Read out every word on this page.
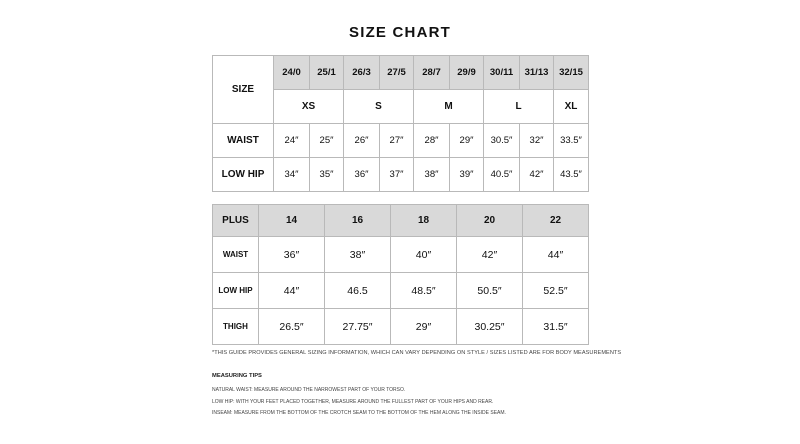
SIZE CHART
SIZE	24/0	25/1	26/3	27/5	28/7	29/9	30/11	31/13	32/15
	XS		S		M		L		XL
WAIST	24″	25″	26″	27″	28″	29″	30.5″	32″	33.5″
LOW HIP	34″	35″	36″	37″	38″	39″	40.5″	42″	43.5″
PLUS	14	16	18	20	22
WAIST	36″	38″	40″	42″	44″
LOW HIP	44″	46.5	48.5″	50.5″	52.5″
THIGH	26.5″	27.75″	29″	30.25″	31.5″
*THIS GUIDE PROVIDES GENERAL SIZING INFORMATION, WHICH CAN VARY DEPENDING ON STYLE / SIZES LISTED ARE FOR BODY MEASUREMENTS
MEASURING TIPS
NATURAL WAIST: MEASURE AROUND THE NARROWEST PART OF YOUR TORSO.
LOW HIP: WITH YOUR FEET PLACED TOGETHER, MEASURE AROUND THE FULLEST PART OF YOUR HIPS AND REAR.
INSEAM: MEASURE FROM THE BOTTOM OF THE CROTCH SEAM TO THE BOTTOM OF THE HEM ALONG THE INSIDE SEAM.
